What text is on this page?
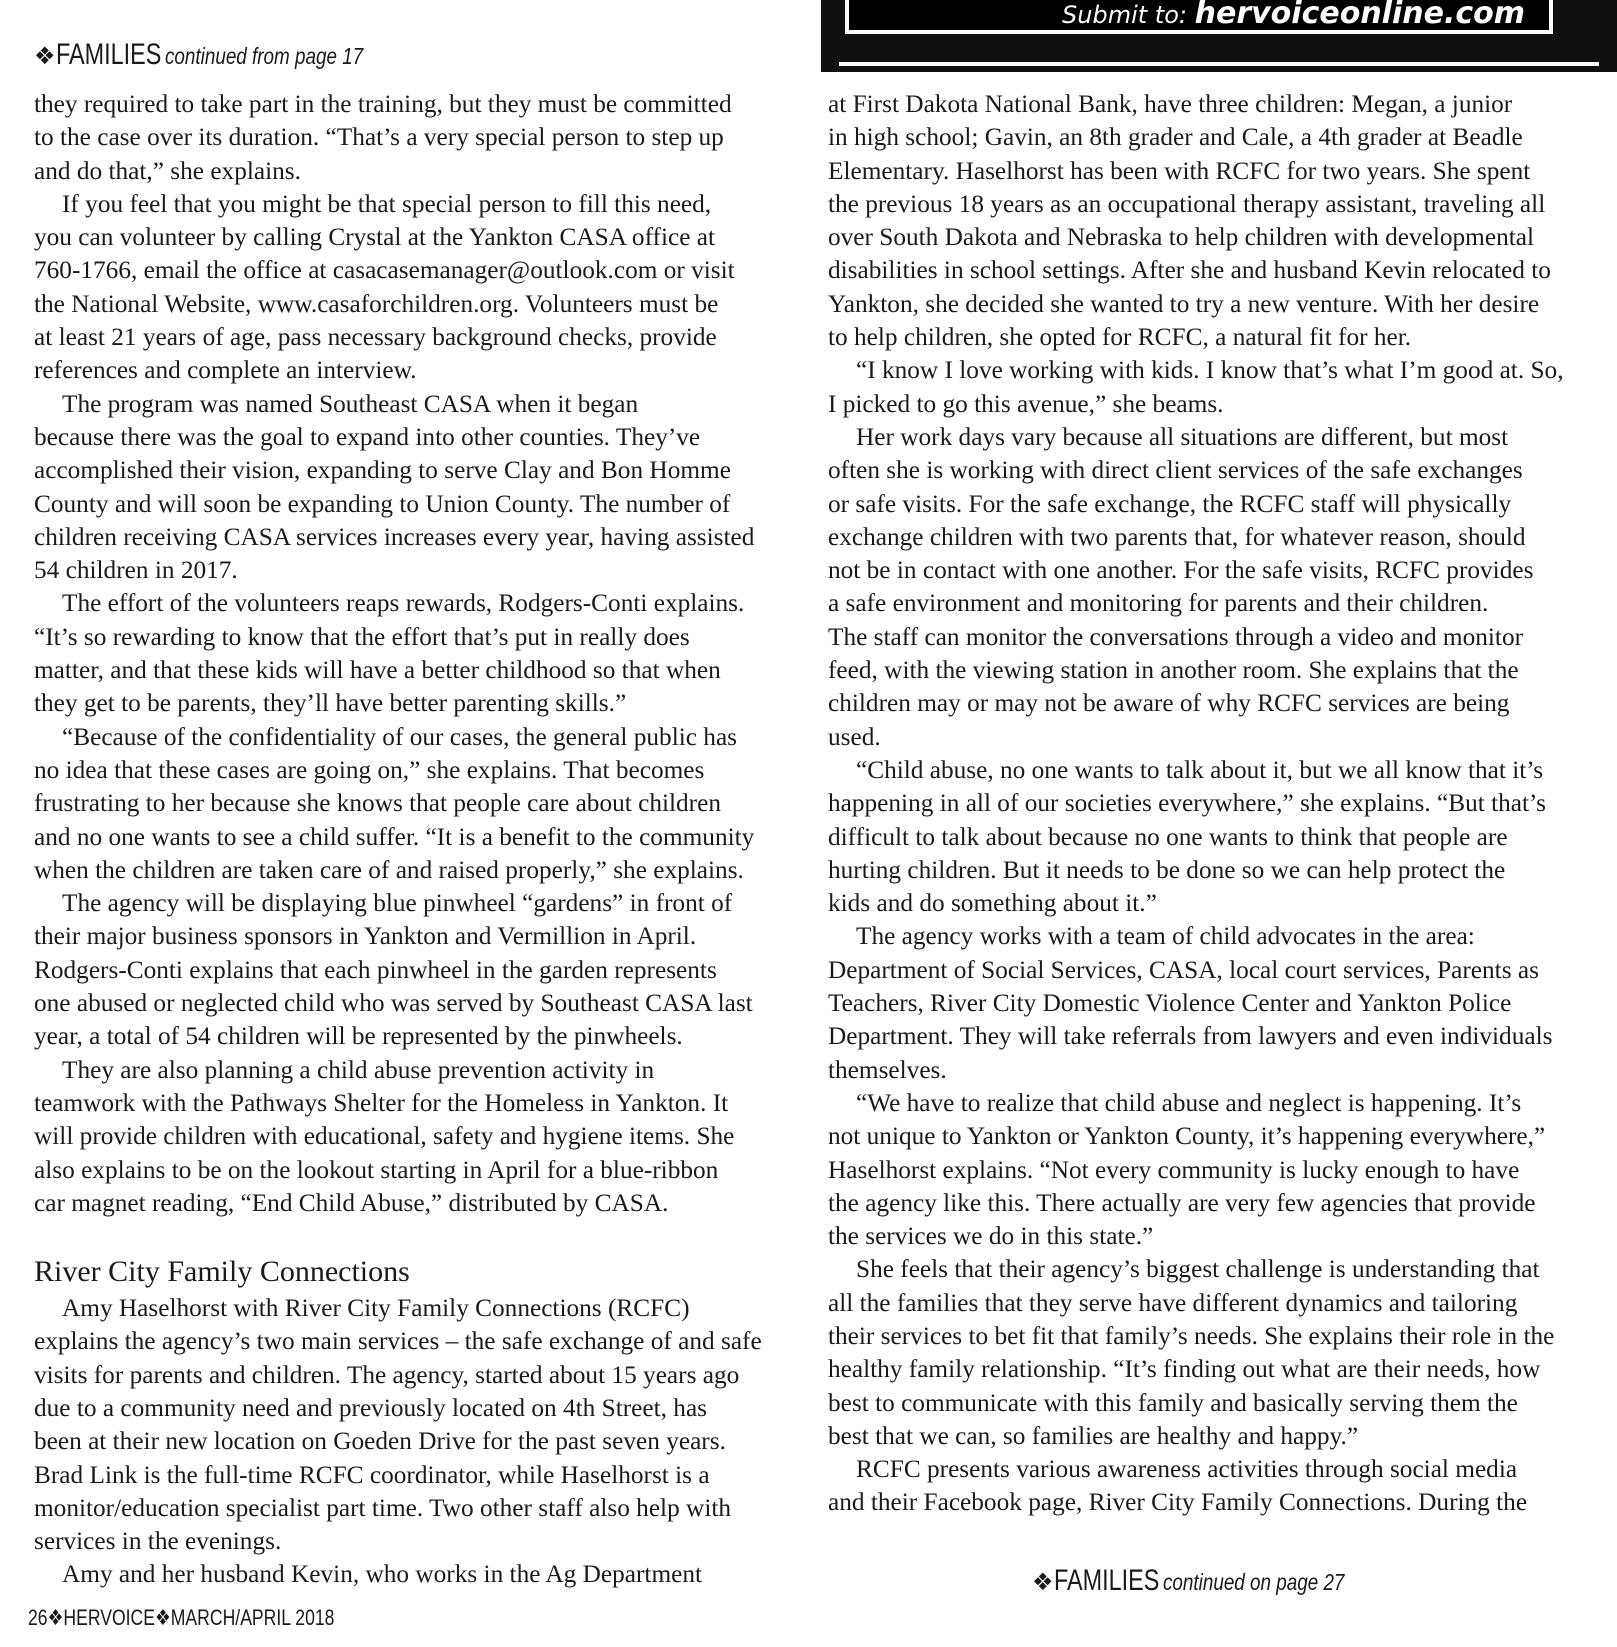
Submit to: hervoiceonline.com
❖FAMILIES continued from page 17

they required to take part in the training, but they must be committed

to the case over its duration. “That’s a very special person to step up

and do that,” she explains.

If you feel that you might be that special person to fill this need,

you can volunteer by calling Crystal at the Yankton CASA office at

760-1766, email the office at casacasemanager@outlook.com or visit

the National Website, www.casaforchildren.org. Volunteers must be

at least 21 years of age, pass necessary background checks, provide

references and complete an interview.

The program was named Southeast CASA when it began

because there was the goal to expand into other counties. They’ve

accomplished their vision, expanding to serve Clay and Bon Homme

County and will soon be expanding to Union County. The number of

children receiving CASA services increases every year, having assisted

54 children in 2017.

The effort of the volunteers reaps rewards, Rodgers-Conti explains.

“It’s so rewarding to know that the effort that’s put in really does

matter, and that these kids will have a better childhood so that when

they get to be parents, they’ll have better parenting skills.”

“Because of the confidentiality of our cases, the general public has

no idea that these cases are going on,” she explains. That becomes

frustrating to her because she knows that people care about children

and no one wants to see a child suffer. “It is a benefit to the community

when the children are taken care of and raised properly,” she explains.

The agency will be displaying blue pinwheel “gardens” in front of

their major business sponsors in Yankton and Vermillion in April.

Rodgers-Conti explains that each pinwheel in the garden represents

one abused or neglected child who was served by Southeast CASA last

year, a total of 54 children will be represented by the pinwheels.

They are also planning a child abuse prevention activity in

teamwork with the Pathways Shelter for the Homeless in Yankton. It

will provide children with educational, safety and hygiene items. She

also explains to be on the lookout starting in April for a blue-ribbon

car magnet reading, “End Child Abuse,” distributed by CASA.

River City Family Connections

Amy Haselhorst with River City Family Connections (RCFC)

explains the agency’s two main services – the safe exchange of and safe

visits for parents and children. The agency, started about 15 years ago

due to a community need and previously located on 4th Street, has

been at their new location on Goeden Drive for the past seven years.

Brad Link is the full-time RCFC coordinator, while Haselhorst is a

monitor/education specialist part time. Two other staff also help with

services in the evenings.

Amy and her husband Kevin, who works in the Ag Department

at First Dakota National Bank, have three children: Megan, a junior

in high school; Gavin, an 8th grader and Cale, a 4th grader at Beadle

Elementary. Haselhorst has been with RCFC for two years. She spent

the previous 18 years as an occupational therapy assistant, traveling all

over South Dakota and Nebraska to help children with developmental

disabilities in school settings. After she and husband Kevin relocated to

Yankton, she decided she wanted to try a new venture. With her desire

to help children, she opted for RCFC, a natural fit for her.

“I know I love working with kids. I know that’s what I’m good at. So,

I picked to go this avenue,” she beams.

Her work days vary because all situations are different, but most

often she is working with direct client services of the safe exchanges

or safe visits. For the safe exchange, the RCFC staff will physically

exchange children with two parents that, for whatever reason, should

not be in contact with one another. For the safe visits, RCFC provides

a safe environment and monitoring for parents and their children.

The staff can monitor the conversations through a video and monitor

feed, with the viewing station in another room. She explains that the

children may or may not be aware of why RCFC services are being

used.

“Child abuse, no one wants to talk about it, but we all know that it’s

happening in all of our societies everywhere,” she explains. “But that’s

difficult to talk about because no one wants to think that people are

hurting children. But it needs to be done so we can help protect the

kids and do something about it.”

The agency works with a team of child advocates in the area:

Department of Social Services, CASA, local court services, Parents as

Teachers, River City Domestic Violence Center and Yankton Police

Department. They will take referrals from lawyers and even individuals

themselves.

“We have to realize that child abuse and neglect is happening. It’s

not unique to Yankton or Yankton County, it’s happening everywhere,”

Haselhorst explains. “Not every community is lucky enough to have

the agency like this. There actually are very few agencies that provide

the services we do in this state.”

She feels that their agency’s biggest challenge is understanding that

all the families that they serve have different dynamics and tailoring

their services to bet fit that family’s needs. She explains their role in the

healthy family relationship. “It’s finding out what are their needs, how

best to communicate with this family and basically serving them the

best that we can, so families are healthy and happy.”

RCFC presents various awareness activities through social media

and their Facebook page, River City Family Connections. During the

❖FAMILIES continued on page 27
26❖HERVOICE❖MARCH/APRIL 2018
